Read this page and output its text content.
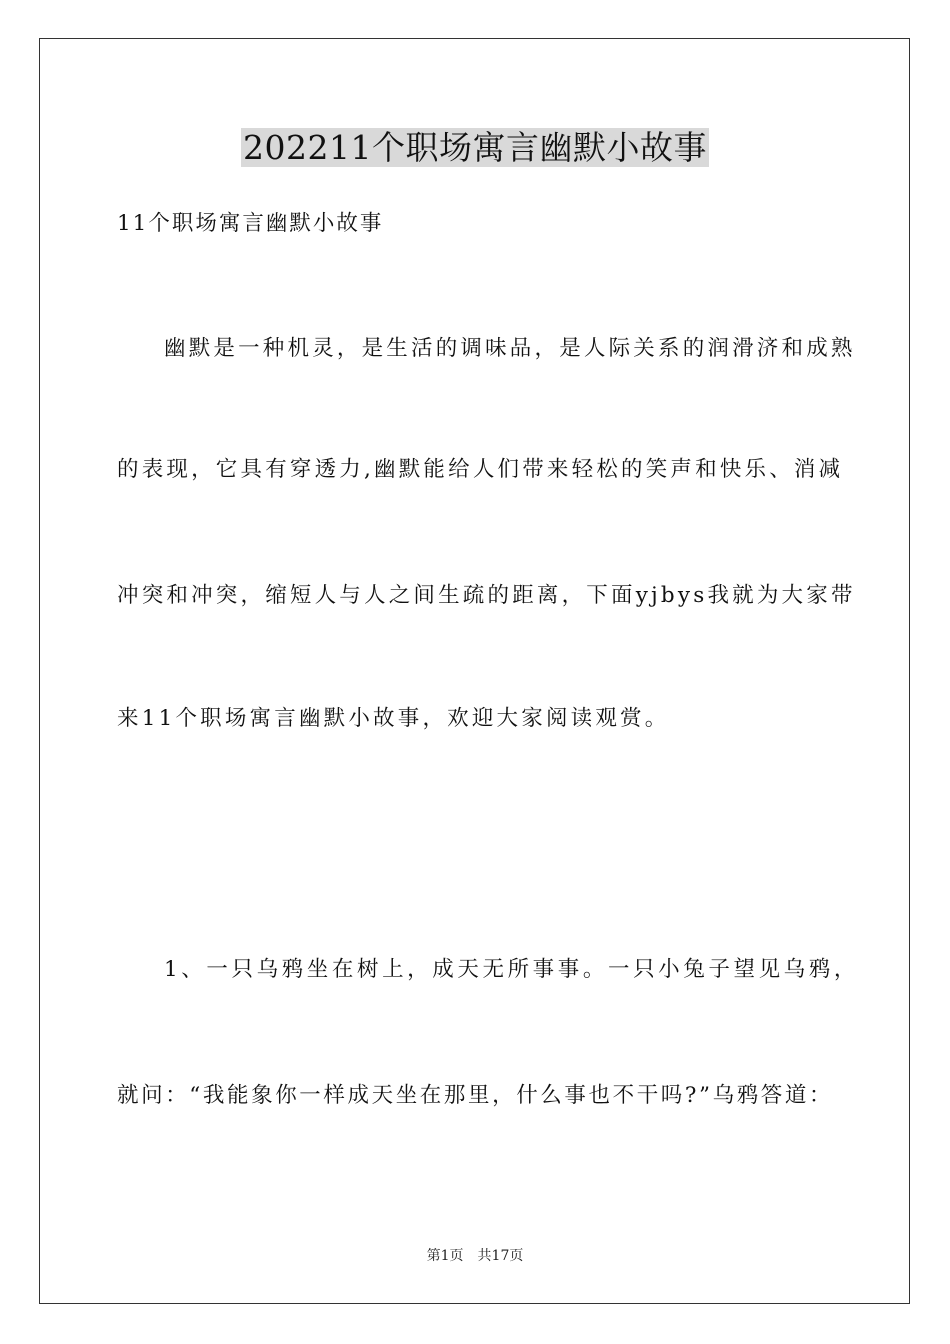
202211个职场寓言幽默小故事
11个职场寓言幽默小故事
幽默是一种机灵，是生活的调味品，是人际关系的润滑济和成熟
的表现，它具有穿透力,幽默能给人们带来轻松的笑声和快乐、消减
冲突和冲突，缩短人与人之间生疏的距离，下面yjbys我就为大家带
来11个职场寓言幽默小故事，欢迎大家阅读观赏。
1、一只乌鸦坐在树上，成天无所事事。一只小兔子望见乌鸦，
就问：“我能象你一样成天坐在那里，什么事也不干吗?”乌鸦答道：
第1页 共17页
